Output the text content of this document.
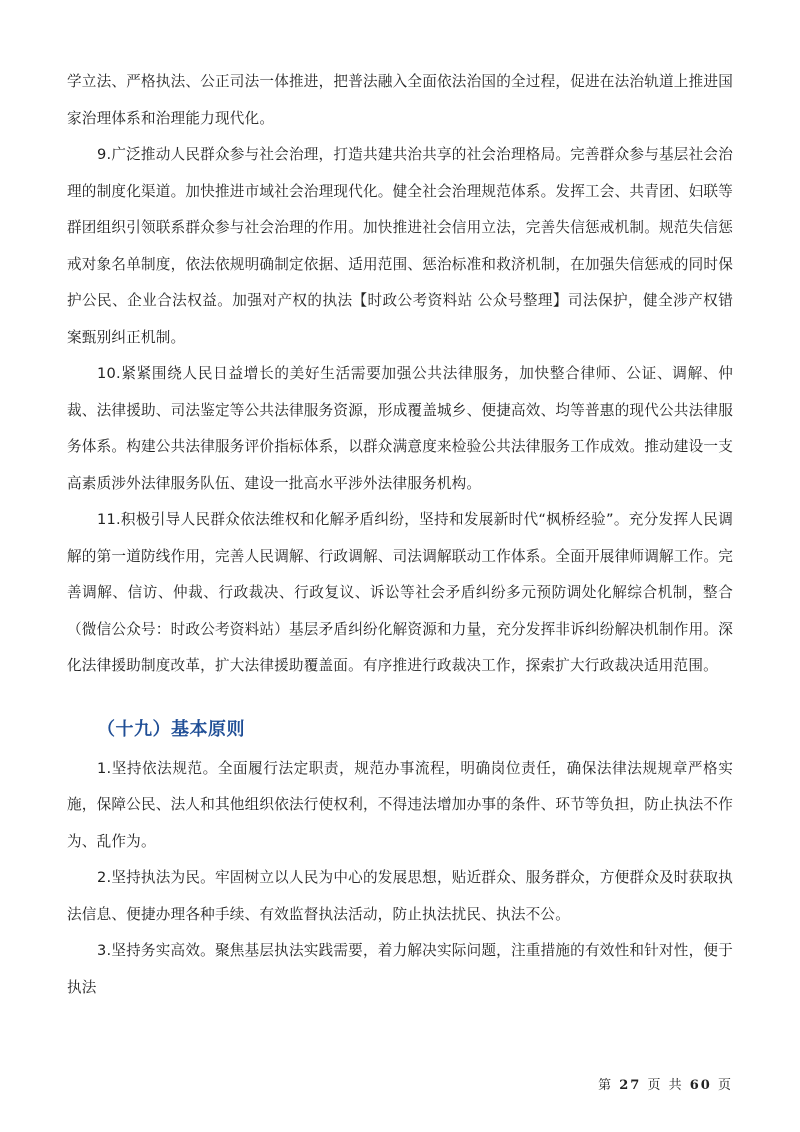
学立法、严格执法、公正司法一体推进，把普法融入全面依法治国的全过程，促进在法治轨道上推进国家治理体系和治理能力现代化。

9.广泛推动人民群众参与社会治理，打造共建共治共享的社会治理格局。完善群众参与基层社会治理的制度化渠道。加快推进市域社会治理现代化。健全社会治理规范体系。发挥工会、共青团、妇联等群团组织引领联系群众参与社会治理的作用。加快推进社会信用立法，完善失信惩戒机制。规范失信惩戒对象名单制度，依法依规明确制定依据、适用范围、惩治标准和救济机制，在加强失信惩戒的同时保护公民、企业合法权益。加强对产权的执法【时政公考资料站 公众号整理】司法保护，健全涉产权错案甄别纠正机制。

10.紧紧围绕人民日益增长的美好生活需要加强公共法律服务，加快整合律师、公证、调解、仲裁、法律援助、司法鉴定等公共法律服务资源，形成覆盖城乡、便捷高效、均等普惠的现代公共法律服务体系。构建公共法律服务评价指标体系，以群众满意度来检验公共法律服务工作成效。推动建设一支高素质涉外法律服务队伍、建设一批高水平涉外法律服务机构。

11.积极引导人民群众依法维权和化解矛盾纠纷，坚持和发展新时代“枫桥经验”。充分发挥人民调解的第一道防线作用，完善人民调解、行政调解、司法调解联动工作体系。全面开展律师调解工作。完善调解、信访、仲裁、行政裁决、行政复议、诉讼等社会矛盾纠纷多元预防调处化解综合机制，整合（微信公众号：时政公考资料站）基层矛盾纠纷化解资源和力量，充分发挥非诉纠纷解决机制作用。深化法律援助制度改革，扩大法律援助覆盖面。有序推进行政裁决工作，探索扩大行政裁决适用范围。

（十九）基本原则

1.坚持依法规范。全面履行法定职责，规范办事流程，明确岗位责任，确保法律法规规章严格实施，保障公民、法人和其他组织依法行使权利，不得违法增加办事的条件、环节等负担，防止执法不作为、乱作为。

2.坚持执法为民。牢固树立以人民为中心的发展思想，贴近群众、服务群众，方便群众及时获取执法信息、便捷办理各种手续、有效监督执法活动，防止执法扰民、执法不公。

3.坚持务实高效。聚焦基层执法实践需要，着力解决实际问题，注重措施的有效性和针对性，便于执法

第 27 页 共 60 页
